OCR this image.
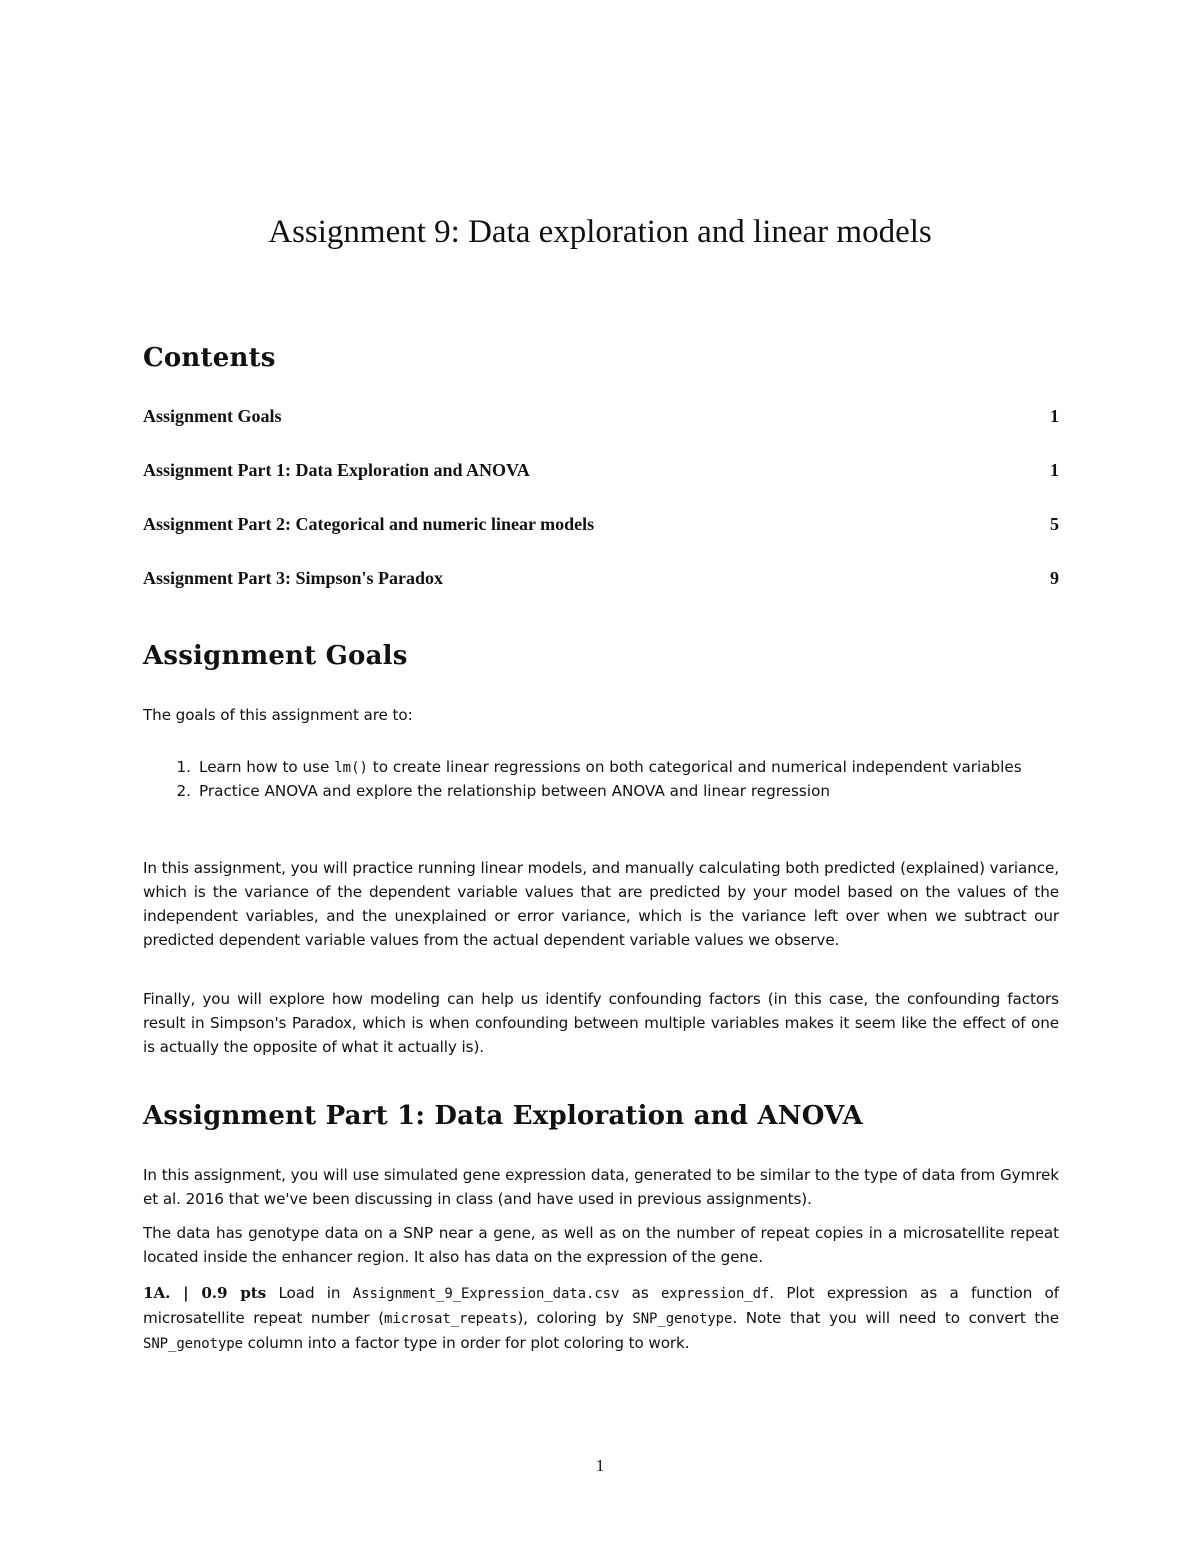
Assignment 9: Data exploration and linear models
Contents
Assignment Goals	1
Assignment Part 1: Data Exploration and ANOVA	1
Assignment Part 2: Categorical and numeric linear models	5
Assignment Part 3: Simpson's Paradox	9
Assignment Goals
The goals of this assignment are to:
1. Learn how to use lm() to create linear regressions on both categorical and numerical independent variables
2. Practice ANOVA and explore the relationship between ANOVA and linear regression
In this assignment, you will practice running linear models, and manually calculating both predicted (explained) variance, which is the variance of the dependent variable values that are predicted by your model based on the values of the independent variables, and the unexplained or error variance, which is the variance left over when we subtract our predicted dependent variable values from the actual dependent variable values we observe.
Finally, you will explore how modeling can help us identify confounding factors (in this case, the confounding factors result in Simpson's Paradox, which is when confounding between multiple variables makes it seem like the effect of one is actually the opposite of what it actually is).
Assignment Part 1: Data Exploration and ANOVA
In this assignment, you will use simulated gene expression data, generated to be similar to the type of data from Gymrek et al. 2016 that we've been discussing in class (and have used in previous assignments).
The data has genotype data on a SNP near a gene, as well as on the number of repeat copies in a microsatellite repeat located inside the enhancer region. It also has data on the expression of the gene.
1A. | 0.9 pts Load in Assignment_9_Expression_data.csv as expression_df. Plot expression as a function of microsatellite repeat number (microsat_repeats), coloring by SNP_genotype. Note that you will need to convert the SNP_genotype column into a factor type in order for plot coloring to work.
1
